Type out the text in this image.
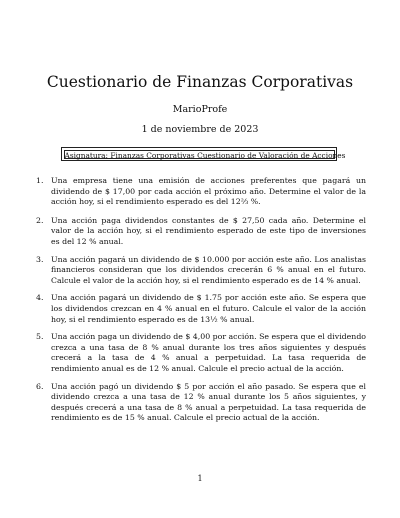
Cuestionario de Finanzas Corporativas
MarioProfe
1 de noviembre de 2023
Asignatura: Finanzas Corporativas Cuestionario de Valoración de Acciones
1. Una empresa tiene una emisión de acciones preferentes que pagará un dividendo de $ 17,00 por cada acción el próximo año. Determine el valor de la acción hoy, si el rendimiento esperado es del 12⅔ %.
2. Una acción paga dividendos constantes de $ 27,50 cada año. Determine el valor de la acción hoy, si el rendimiento esperado de este tipo de inversiones es del 12 % anual.
3. Una acción pagará un dividendo de $ 10.000 por acción este año. Los analistas financieros consideran que los dividendos crecerán 6 % anual en el futuro. Calcule el valor de la acción hoy, si el rendimiento esperado es de 14 % anual.
4. Una acción pagará un dividendo de $ 1.75 por acción este año. Se espera que los dividendos crezcan en 4 % anual en el futuro. Calcule el valor de la acción hoy, si el rendimiento esperado es de 13½ % anual.
5. Una acción paga un dividendo de $ 4,00 por acción. Se espera que el dividendo crezca a una tasa de 8 % anual durante los tres años siguientes y después crecerá a la tasa de 4 % anual a perpetuidad. La tasa requerida de rendimiento anual es de 12 % anual. Calcule el precio actual de la acción.
6. Una acción pagó un dividendo $ 5 por acción el año pasado. Se espera que el dividendo crezca a una tasa de 12 % anual durante los 5 años siguientes, y después crecerá a una tasa de 8 % anual a perpetuidad. La tasa requerida de rendimiento es de 15 % anual. Calcule el precio actual de la acción.
1
